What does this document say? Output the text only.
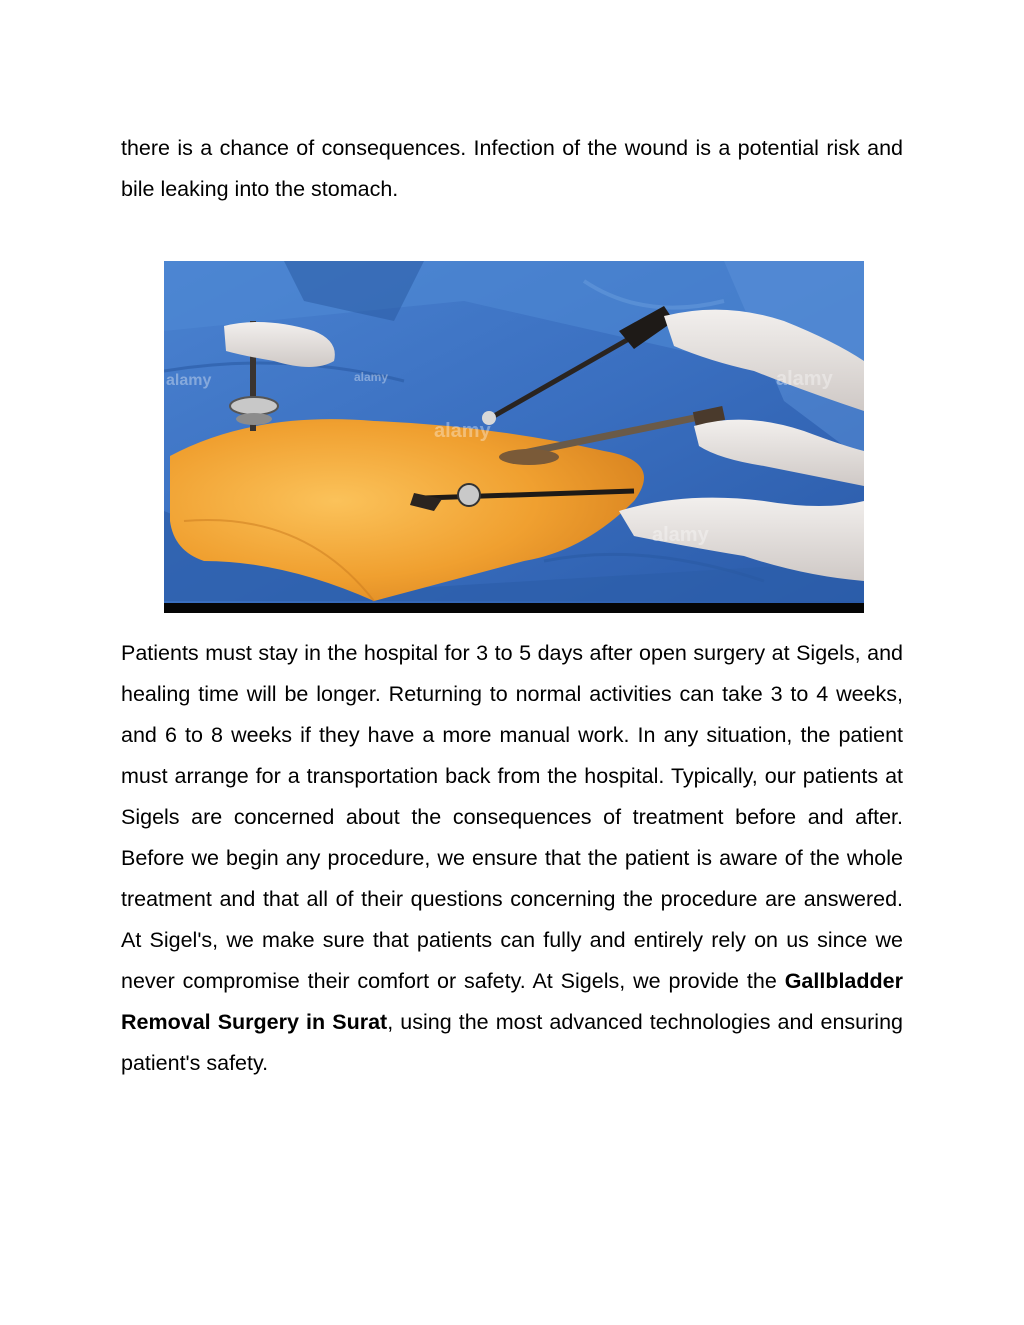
there is a chance of consequences. Infection of the wound is a potential risk and bile leaking into the stomach.

alamy
alamy
alamy
alamy	alamy

Patients must stay in the hospital for 3 to 5 days after open surgery at Sigels, and healing time will be longer. Returning to normal activities can take 3 to 4 weeks, and 6 to 8 weeks if they have a more manual work. In any situation, the patient must arrange for a transportation back from the hospital. Typically, our patients at Sigels are concerned about the consequences of treatment before and after. Before we begin any procedure, we ensure that the patient is aware of the whole treatment and that all of their questions concerning the procedure are answered. At Sigel's, we make sure that patients can fully and entirely rely on us since we never compromise their comfort or safety. At Sigels, we provide the Gallbladder Removal Surgery in Surat, using the most advanced technologies and ensuring patient's safety.
